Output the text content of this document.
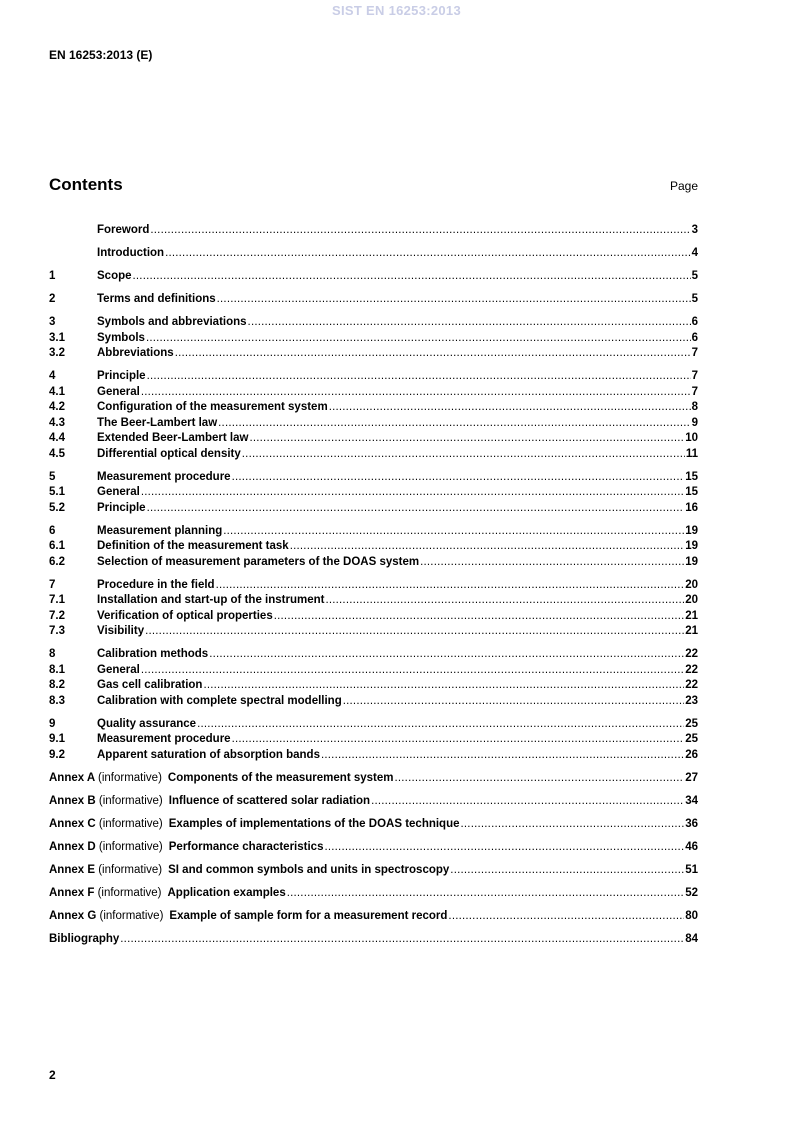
SIST EN 16253:2013
EN 16253:2013 (E)
Contents	Page
Foreword .....	3
Introduction .....	4
1	Scope .....	5
2	Terms and definitions .....	5
3	Symbols and abbreviations .....	6
3.1	Symbols .....	6
3.2	Abbreviations .....	7
4	Principle .....	7
4.1	General .....	7
4.2	Configuration of the measurement system .....	8
4.3	The Beer-Lambert law .....	9
4.4	Extended Beer-Lambert law .....	10
4.5	Differential optical density .....	11
5	Measurement procedure .....	15
5.1	General .....	15
5.2	Principle .....	16
6	Measurement planning .....	19
6.1	Definition of the measurement task .....	19
6.2	Selection of measurement parameters of the DOAS system .....	19
7	Procedure in the field .....	20
7.1	Installation and start-up of the instrument .....	20
7.2	Verification of optical properties .....	21
7.3	Visibility .....	21
8	Calibration methods .....	22
8.1	General .....	22
8.2	Gas cell calibration .....	22
8.3	Calibration with complete spectral modelling .....	23
9	Quality assurance .....	25
9.1	Measurement procedure .....	25
9.2	Apparent saturation of absorption bands .....	26
Annex A (informative) Components of the measurement system .....	27
Annex B (informative) Influence of scattered solar radiation .....	34
Annex C (informative) Examples of implementations of the DOAS technique .....	36
Annex D (informative) Performance characteristics .....	46
Annex E (informative) SI and common symbols and units in spectroscopy .....	51
Annex F (informative) Application examples .....	52
Annex G (informative) Example of sample form for a measurement record .....	80
Bibliography .....	84
2
